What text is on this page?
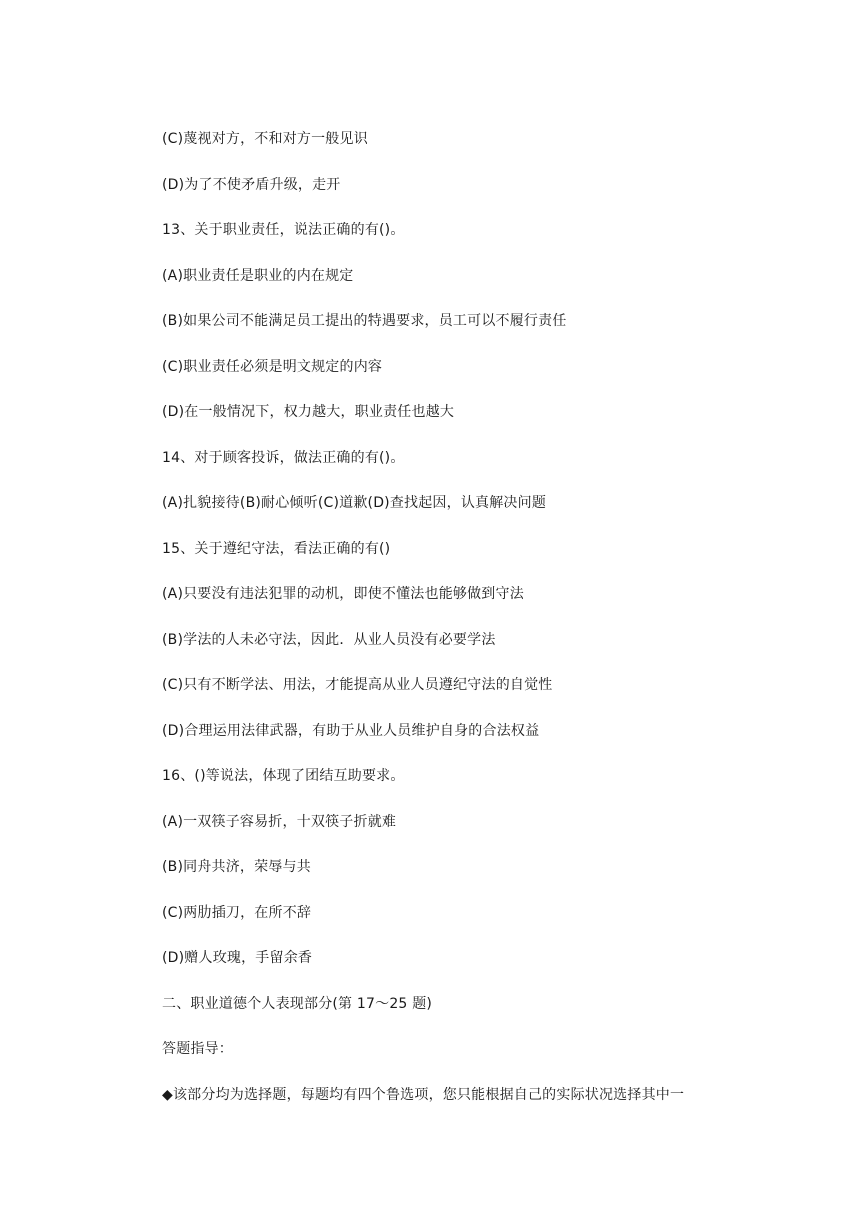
(C)蔑视对方，不和对方一般见识
(D)为了不使矛盾升级，走开
13、关于职业责任，说法正确的有()。
(A)职业责任是职业的内在规定
(B)如果公司不能满足员工提出的特遇要求，员工可以不履行责任
(C)职业责任必须是明文规定的内容
(D)在一般情况下，权力越大，职业责任也越大
14、对于顾客投诉，做法正确的有()。
(A)扎貌接待(B)耐心倾听(C)道歉(D)查找起因，认真解决问题
15、关于遵纪守法，看法正确的有()
(A)只要没有违法犯罪的动机，即使不懂法也能够做到守法
(B)学法的人未必守法，因此．从业人员没有必要学法
(C)只有不断学法、用法，才能提高从业人员遵纪守法的自觉性
(D)合理运用法律武器，有助于从业人员维护自身的合法权益
16、()等说法，体现了团结互助要求。
(A)一双筷子容易折，十双筷子折就难
(B)同舟共济，荣辱与共
(C)两肋插刀，在所不辞
(D)赠人玫瑰，手留余香
二、职业道德个人表现部分(第 17～25 题)
答题指导：
◆该部分均为选择题，每题均有四个鲁选项，您只能根据自己的实际状况选择其中一
